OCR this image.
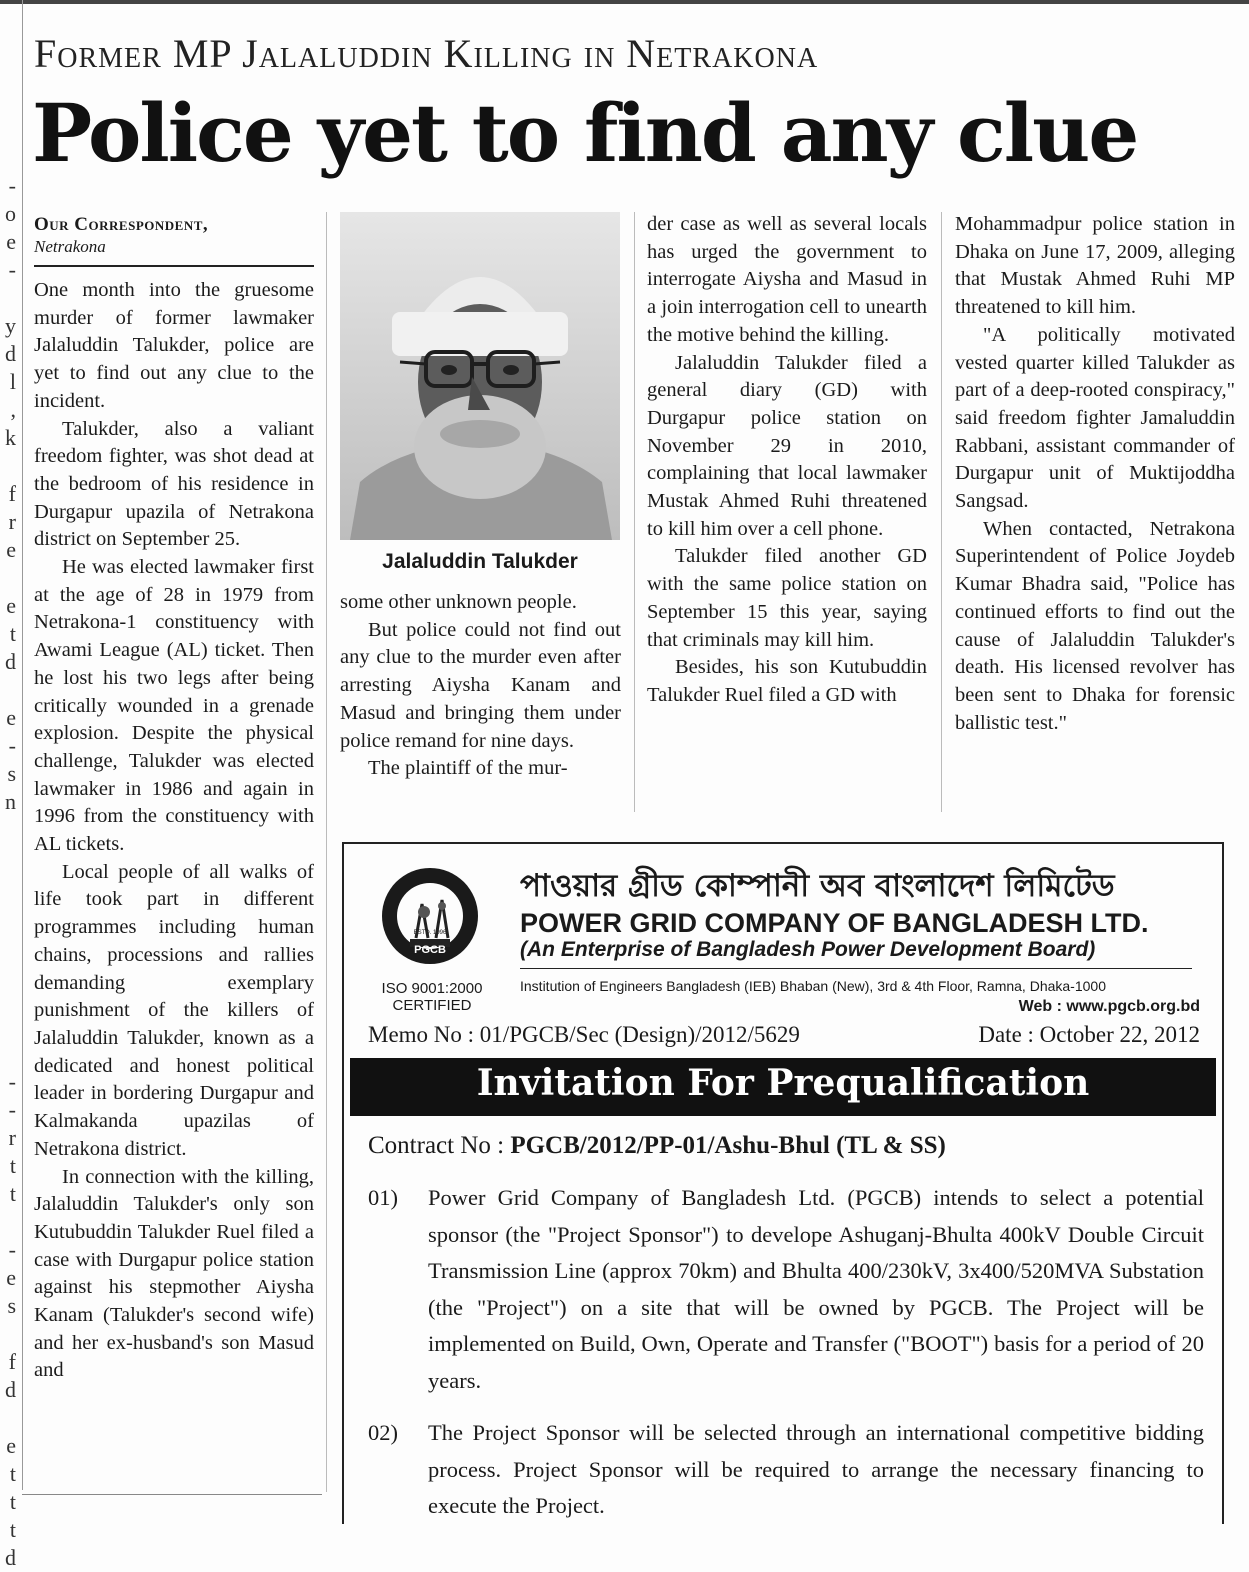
-
o
e
-
y
d
l
,
k
f
r
e
e
t
d
e
-
s
n
-
-
r
t
t
-
e
s
f
d
e
t
t
t
d
Former MP Jalaluddin Killing in Netrakona
Police yet to find any clue
Our Correspondent,
Netrakona

One month into the gruesome murder of former lawmaker Jalaluddin Talukder, police are yet to find out any clue to the incident.

Talukder, also a valiant freedom fighter, was shot dead at the bedroom of his residence in Durgapur upazila of Netrakona district on September 25.

He was elected lawmaker first at the age of 28 in 1979 from Netrakona-1 constituency with Awami League (AL) ticket. Then he lost his two legs after being critically wounded in a grenade explosion. Despite the physical challenge, Talukder was elected lawmaker in 1986 and again in 1996 from the constituency with AL tickets.

Local people of all walks of life took part in different programmes including human chains, processions and rallies demanding exemplary punishment of the killers of Jalaluddin Talukder, known as a dedicated and honest political leader in bordering Durgapur and Kalmakanda upazilas of Netrakona district.

In connection with the killing, Jalaluddin Talukder's only son Kutubuddin Talukder Ruel filed a case with Durgapur police station against his stepmother Aiysha Kanam (Talukder's second wife) and her ex-husband's son Masud and

Jalaluddin Talukder

some other unknown people.

But police could not find out any clue to the murder even after arresting Aiysha Kanam and Masud and bringing them under police remand for nine days.

The plaintiff of the mur-

der case as well as several locals has urged the government to interrogate Aiysha and Masud in a join interrogation cell to unearth the motive behind the killing.

Jalaluddin Talukder filed a general diary (GD) with Durgapur police station on November 29 in 2010, complaining that local lawmaker Mustak Ahmed Ruhi threatened to kill him over a cell phone.

Talukder filed another GD with the same police station on September 15 this year, saying that criminals may kill him.

Besides, his son Kutubuddin Talukder Ruel filed a GD with

Mohammadpur police station in Dhaka on June 17, 2009, alleging that Mustak Ahmed Ruhi MP threatened to kill him.

"A politically motivated vested quarter killed Talukder as part of a deep-rooted conspiracy," said freedom fighter Jamaluddin Rabbani, assistant commander of Durgapur unit of Muktijoddha Sangsad.

When contacted, Netrakona Superintendent of Police Joydeb Kumar Bhadra said, "Police has continued efforts to find out the cause of Jalaluddin Talukder's death. His licensed revolver has been sent to Dhaka for forensic ballistic test."

PGCB
ESTD. 1996
ISO 9001:2000
CERTIFIED
পাওয়ার গ্রীড কোম্পানী অব বাংলাদেশ লিমিটেড
POWER GRID COMPANY OF BANGLADESH LTD.
(An Enterprise of Bangladesh Power Development Board)
Institution of Engineers Bangladesh (IEB) Bhaban (New), 3rd & 4th Floor, Ramna, Dhaka-1000
Web : www.pgcb.org.bd
Memo No : 01/PGCB/Sec (Design)/2012/5629	Date : October 22, 2012
Invitation For Prequalification
Contract No : PGCB/2012/PP-01/Ashu-Bhul (TL & SS)
01)	Power Grid Company of Bangladesh Ltd. (PGCB) intends to select a potential sponsor (the "Project Sponsor") to develope Ashuganj-Bhulta 400kV Double Circuit Transmission Line (approx 70km) and Bhulta 400/230kV, 3x400/520MVA Substation (the "Project") on a site that will be owned by PGCB. The Project will be implemented on Build, Own, Operate and Transfer ("BOOT") basis for a period of 20 years.
02)	The Project Sponsor will be selected through an international competitive bidding process. Project Sponsor will be required to arrange the necessary financing to execute the Project.
